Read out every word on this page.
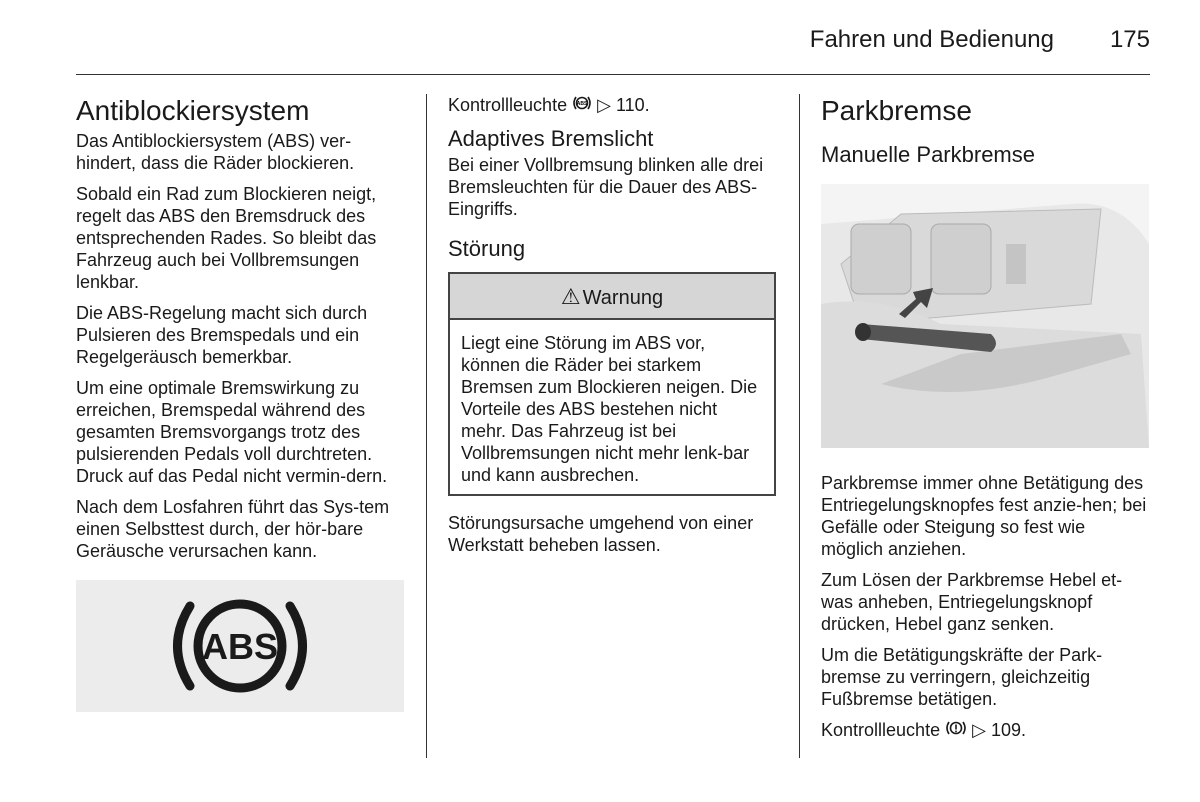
Fahren und Bedienung 175
Antiblockiersystem

Das Antiblockiersystem (ABS) ver-hindert, dass die Räder blockieren.

Sobald ein Rad zum Blockieren neigt, regelt das ABS den Bremsdruck des entsprechenden Rades. So bleibt das Fahrzeug auch bei Vollbremsungen lenkbar.

Die ABS-Regelung macht sich durch Pulsieren des Bremspedals und ein Regelgeräusch bemerkbar.

Um eine optimale Bremswirkung zu erreichen, Bremspedal während des gesamten Bremsvorgangs trotz des pulsierenden Pedals voll durchtreten. Druck auf das Pedal nicht vermin-dern.

Nach dem Losfahren führt das Sys-tem einen Selbsttest durch, der hör-bare Geräusche verursachen kann.

ABS

Kontrollleuchte ABS ▷ 110.

Adaptives Bremslicht

Bei einer Vollbremsung blinken alle drei Bremsleuchten für die Dauer des ABS-Eingriffs.

Störung
⚠ Warnung

Liegt eine Störung im ABS vor, können die Räder bei starkem Bremsen zum Blockieren neigen. Die Vorteile des ABS bestehen nicht mehr. Das Fahrzeug ist bei Vollbremsungen nicht mehr lenk-bar und kann ausbrechen.

Störungsursache umgehend von einer Werkstatt beheben lassen.

Parkbremse
Manuelle Parkbremse

Parkbremse immer ohne Betätigung des Entriegelungsknopfes fest anzie-hen; bei Gefälle oder Steigung so fest wie möglich anziehen.

Zum Lösen der Parkbremse Hebel et-was anheben, Entriegelungsknopf drücken, Hebel ganz senken.

Um die Betätigungskräfte der Park-bremse zu verringern, gleichzeitig Fußbremse betätigen.

Kontrollleuchte ▷ 109.
